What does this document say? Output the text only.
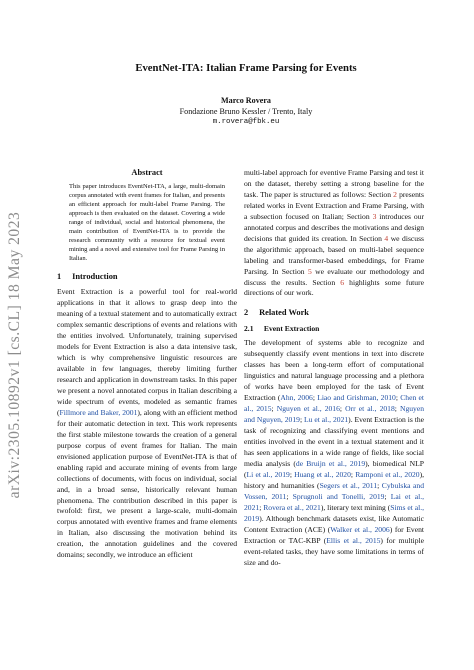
arXiv:2305.10892v1 [cs.CL] 18 May 2023
EventNet-ITA: Italian Frame Parsing for Events
Marco Rovera
Fondazione Bruno Kessler / Trento, Italy
m.rovera@fbk.eu
Abstract

This paper introduces EventNet-ITA, a large, multi-domain corpus annotated with event frames for Italian, and presents an efficient approach for multi-label Frame Parsing. The approach is then evaluated on the dataset. Covering a wide range of individual, social and historical phenomena, the main contribution of EventNet-ITA is to provide the research community with a resource for textual event mining and a novel and extensive tool for Frame Parsing in Italian.

1 Introduction

Event Extraction is a powerful tool for real-world applications in that it allows to grasp deep into the meaning of a textual statement and to automatically extract complex semantic descriptions of events and relations with the entities involved. Unfortunately, training supervised models for Event Extraction is also a data intensive task, which is why comprehensive linguistic resources are available in few languages, thereby limiting further research and application in downstream tasks. In this paper we present a novel annotated corpus in Italian describing a wide spectrum of events, modeled as semantic frames (Fillmore and Baker, 2001), along with an efficient method for their automatic detection in text. This work represents the first stable milestone towards the creation of a general purpose corpus of event frames for Italian. The main envisioned application purpose of EventNet-ITA is that of enabling rapid and accurate mining of events from large collections of documents, with focus on individual, social and, in a broad sense, historically relevant human phenomena. The contribution described in this paper is twofold: first, we present a large-scale, multi-domain corpus annotated with eventive frames and frame elements in Italian, also discussing the motivation behind its creation, the annotation guidelines and the covered domains; secondly, we introduce an efficient

multi-label approach for eventive Frame Parsing and test it on the dataset, thereby setting a strong baseline for the task. The paper is structured as follows: Section 2 presents related works in Event Extraction and Frame Parsing, with a subsection focused on Italian; Section 3 introduces our annotated corpus and describes the motivations and design decisions that guided its creation. In Section 4 we discuss the algorithmic approach, based on multi-label sequence labeling and transformer-based embeddings, for Frame Parsing. In Section 5 we evaluate our methodology and discuss the results. Section 6 highlights some future directions of our work.

2 Related Work
2.1 Event Extraction

The development of systems able to recognize and subsequently classify event mentions in text into discrete classes has been a long-term effort of computational linguistics and natural language processing and a plethora of works have been employed for the task of Event Extraction (Ahn, 2006; Liao and Grishman, 2010; Chen et al., 2015; Nguyen et al., 2016; Orr et al., 2018; Nguyen and Nguyen, 2019; Lu et al., 2021). Event Extraction is the task of recognizing and classifying event mentions and entities involved in the event in a textual statement and it has seen applications in a wide range of fields, like social media analysis (de Bruijn et al., 2019), biomedical NLP (Li et al., 2019; Huang et al., 2020; Ramponi et al., 2020), history and humanities (Segers et al., 2011; Cybulska and Vossen, 2011; Sprugnoli and Tonelli, 2019; Lai et al., 2021; Rovera et al., 2021), literary text mining (Sims et al., 2019). Although benchmark datasets exist, like Automatic Content Extraction (ACE) (Walker et al., 2006) for Event Extraction or TAC-KBP (Ellis et al., 2015) for multiple event-related tasks, they have some limitations in terms of size and do-
